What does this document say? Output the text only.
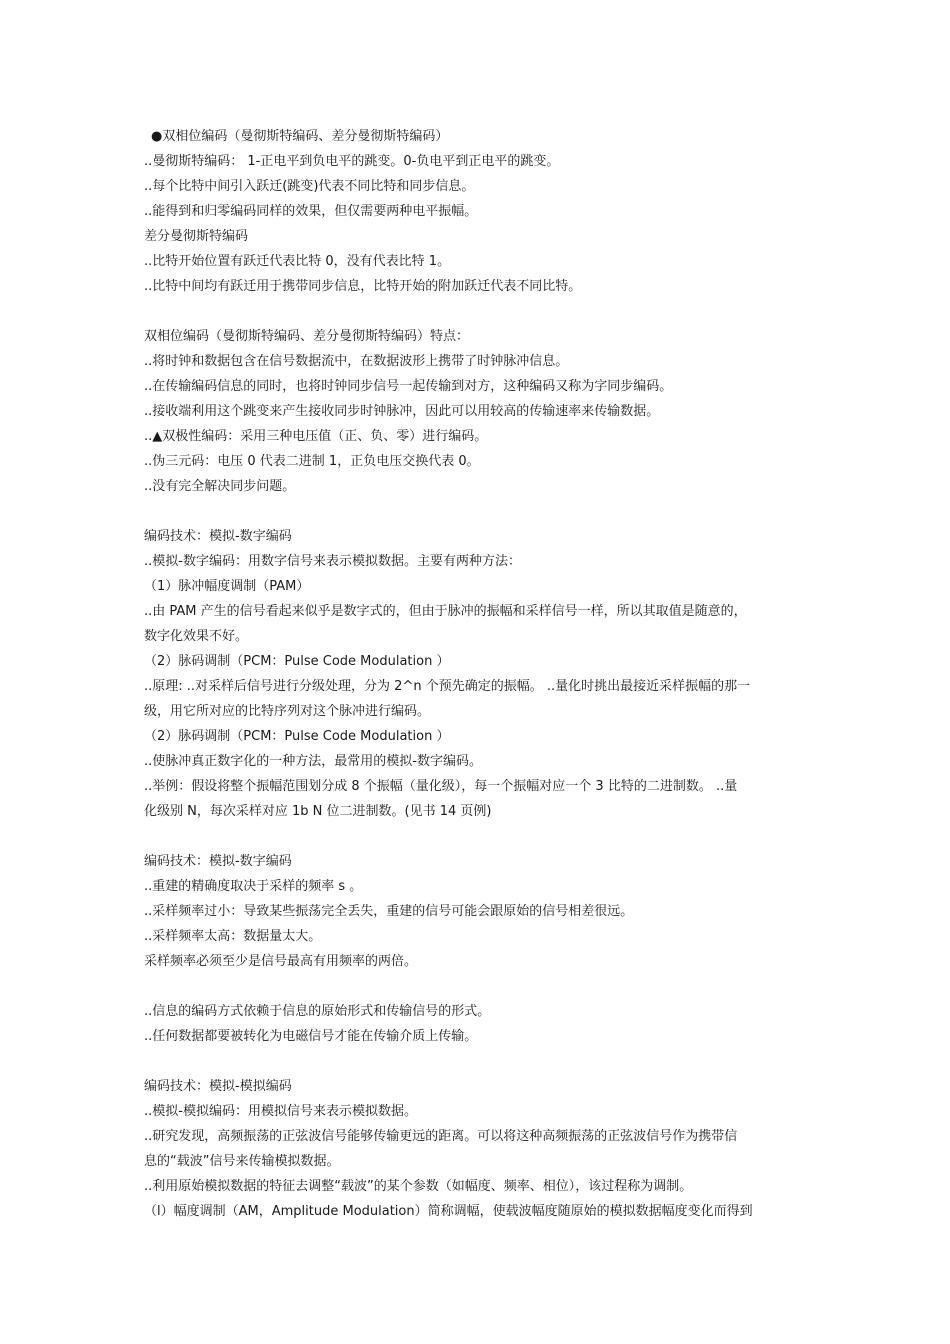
●双相位编码（曼彻斯特编码、差分曼彻斯特编码）
..曼彻斯特编码： 1-正电平到负电平的跳变。0-负电平到正电平的跳变。
..每个比特中间引入跃迁(跳变)代表不同比特和同步信息。
..能得到和归零编码同样的效果，但仅需要两种电平振幅。
差分曼彻斯特编码
..比特开始位置有跃迁代表比特 0，没有代表比特 1。
..比特中间均有跃迁用于携带同步信息，比特开始的附加跃迁代表不同比特。
双相位编码（曼彻斯特编码、差分曼彻斯特编码）特点：
..将时钟和数据包含在信号数据流中，在数据波形上携带了时钟脉冲信息。
..在传输编码信息的同时，也将时钟同步信号一起传输到对方，这种编码又称为字同步编码。
..接收端利用这个跳变来产生接收同步时钟脉冲，因此可以用较高的传输速率来传输数据。
..▲双极性编码：采用三种电压值（正、负、零）进行编码。
..伪三元码：电压 0 代表二进制 1，正负电压交换代表 0。
..没有完全解决同步问题。
编码技术：模拟-数字编码
..模拟-数字编码：用数字信号来表示模拟数据。主要有两种方法：
（1）脉冲幅度调制（PAM）
..由 PAM 产生的信号看起来似乎是数字式的，但由于脉冲的振幅和采样信号一样，所以其取值是随意的，
数字化效果不好。
（2）脉码调制（PCM：Pulse Code Modulation ）
..原理: ..对采样后信号进行分级处理，分为 2^n 个预先确定的振幅。 ..量化时挑出最接近采样振幅的那一
级，用它所对应的比特序列对这个脉冲进行编码。
（2）脉码调制（PCM：Pulse Code Modulation ）
..使脉冲真正数字化的一种方法，最常用的模拟-数字编码。
..举例：假设将整个振幅范围划分成 8 个振幅（量化级），每一个振幅对应一个 3 比特的二进制数。 ..量
化级别 N，每次采样对应 1b N 位二进制数。(见书 14 页例)
编码技术：模拟-数字编码
..重建的精确度取决于采样的频率 s 。
..采样频率过小：导致某些振荡完全丢失，重建的信号可能会跟原始的信号相差很远。
..采样频率太高：数据量太大。
采样频率必须至少是信号最高有用频率的两倍。
..信息的编码方式依赖于信息的原始形式和传输信号的形式。
..任何数据都要被转化为电磁信号才能在传输介质上传输。
编码技术：模拟-模拟编码
..模拟-模拟编码：用模拟信号来表示模拟数据。
..研究发现，高频振荡的正弦波信号能够传输更远的距离。可以将这种高频振荡的正弦波信号作为携带信
息的“载波”信号来传输模拟数据。
..利用原始模拟数据的特征去调整“载波”的某个参数（如幅度、频率、相位），该过程称为调制。
（l）幅度调制（AM，Amplitude Modulation）简称调幅，使载波幅度随原始的模拟数据幅度变化而得到
